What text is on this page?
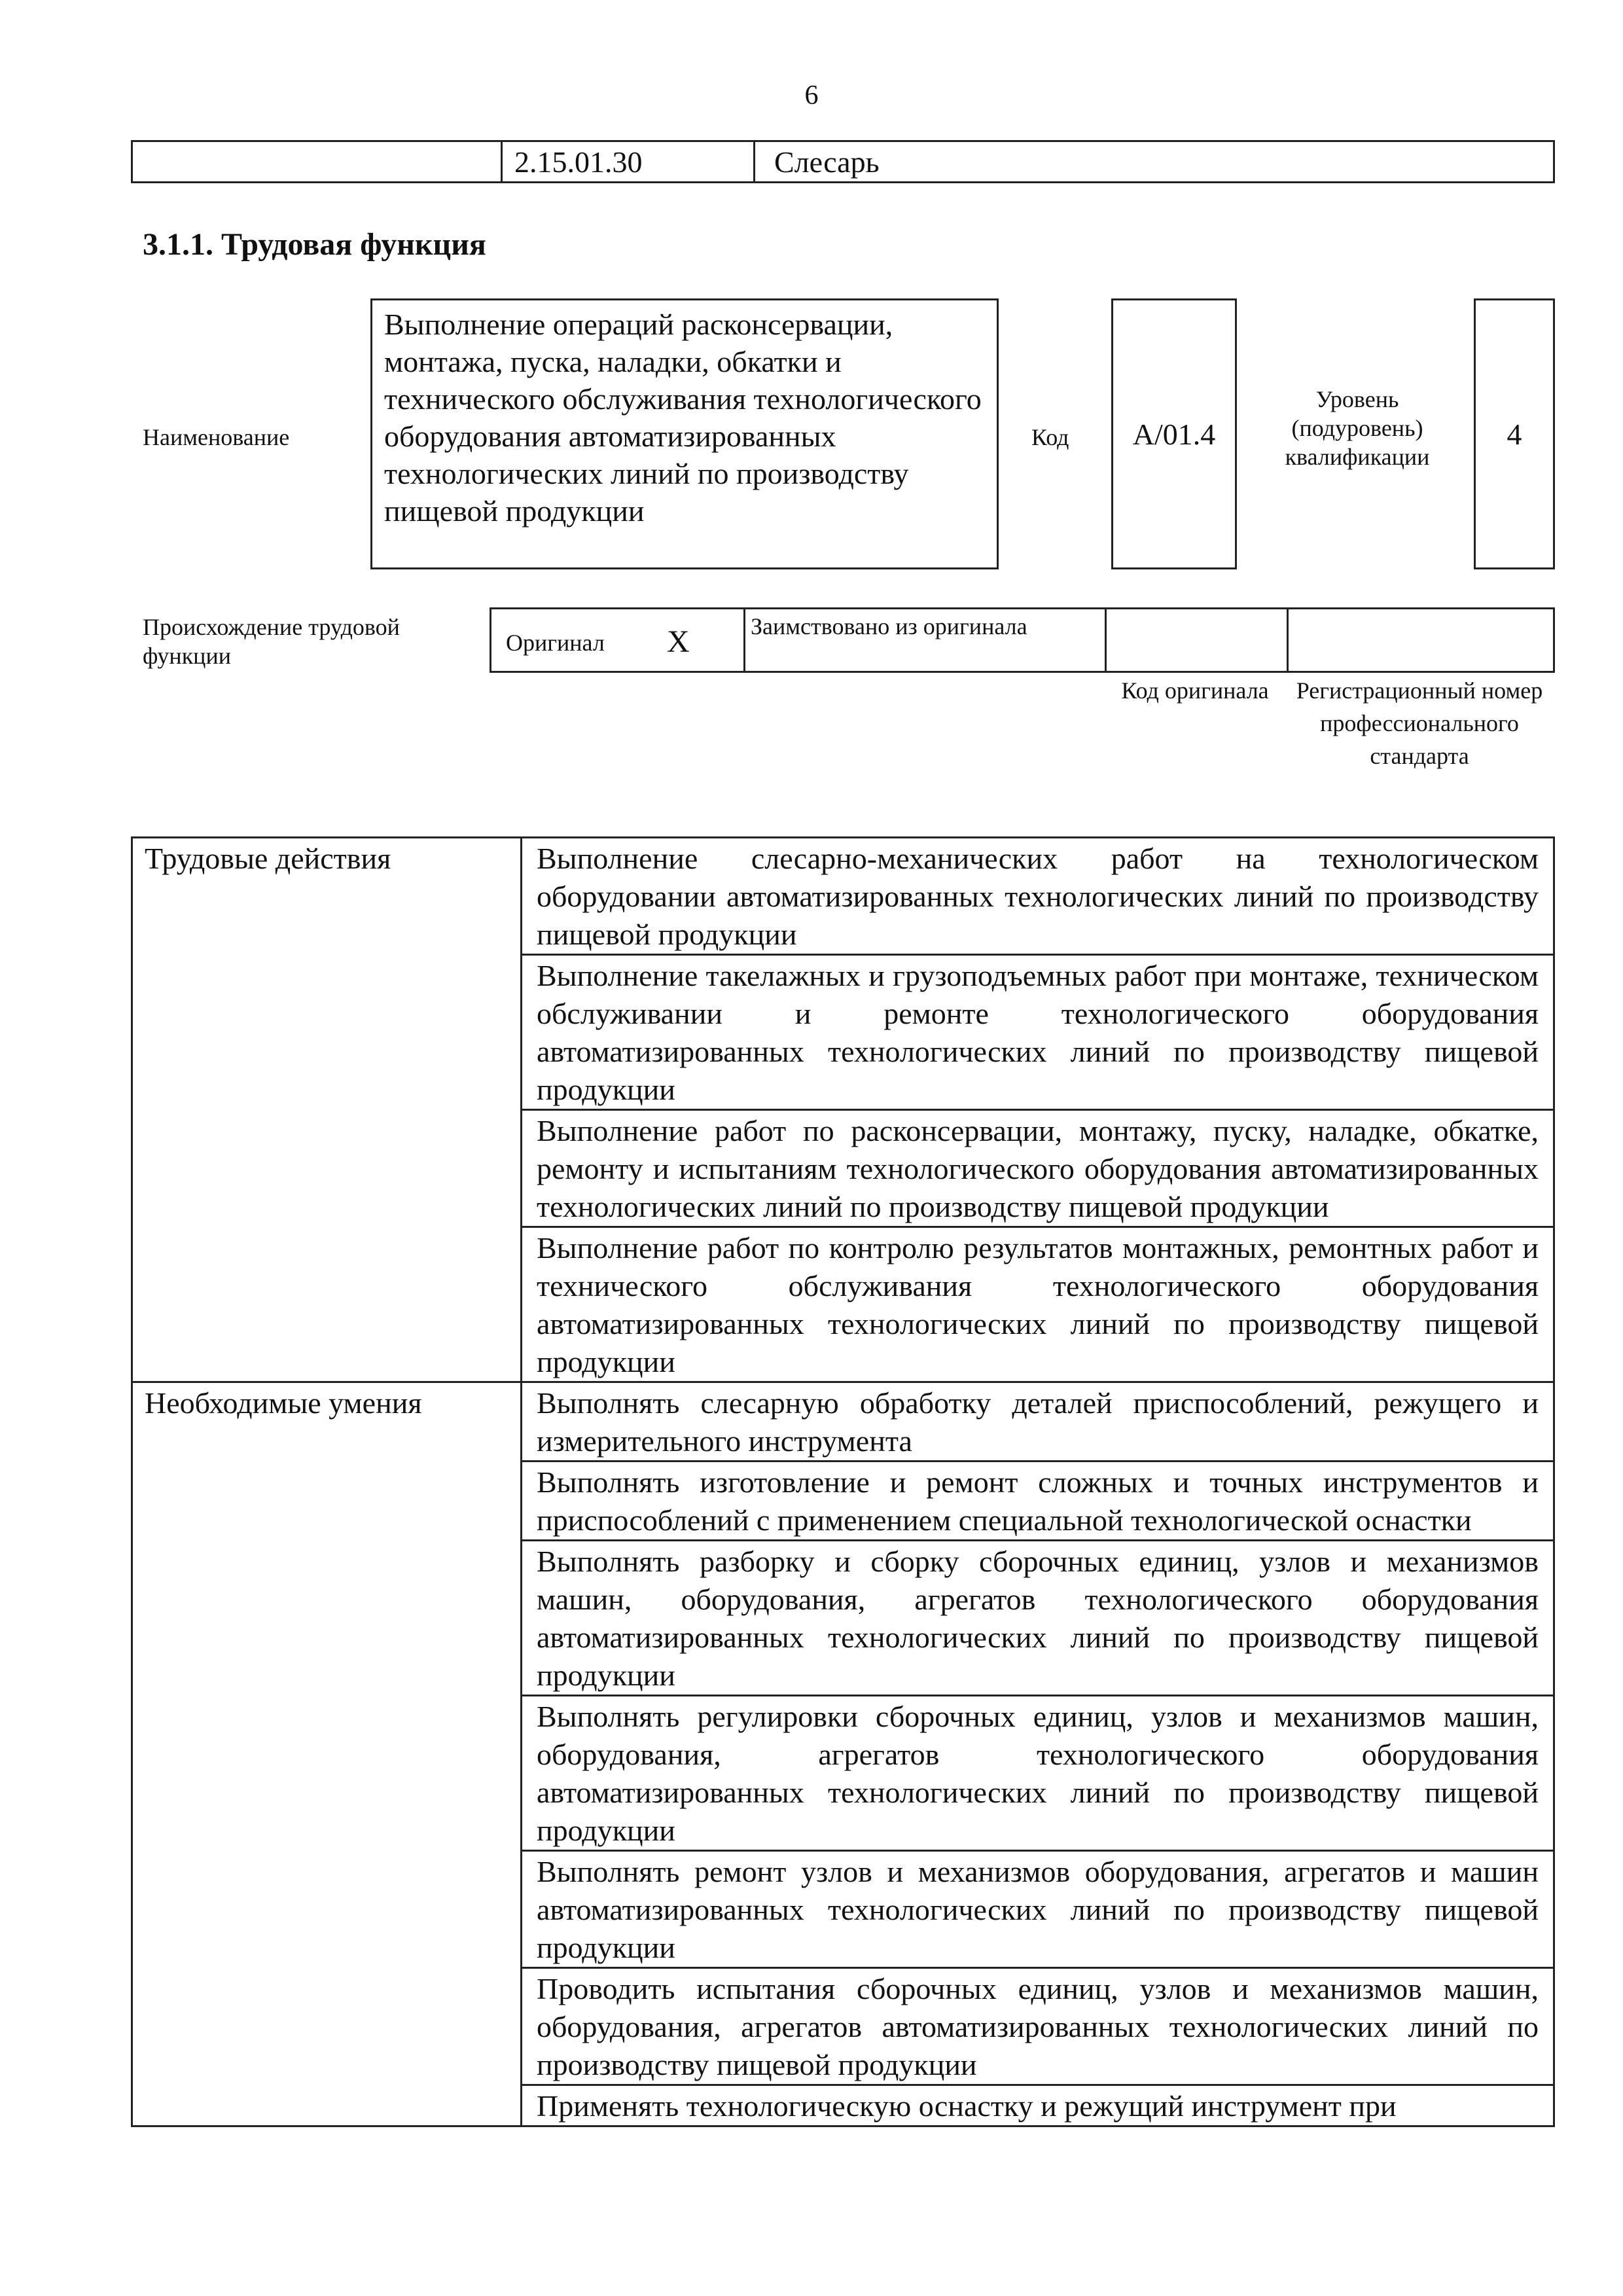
6
2.15.01.30	Слесарь
3.1.1. Трудовая функция
Наименование
Выполнение операций расконсервации, монтажа, пуска, наладки, обкатки и технического обслуживания технологического оборудования автоматизированных технологических линий по производству пищевой продукции
Код А/01.4
Уровень (подуровень) квалификации
4
Происхождение трудовой функции	Оригинал X	Заимствовано из оригинала
Код оригинала	Регистрационный номер профессионального стандарта
Трудовые действия	Выполнение слесарно-механических работ на технологическом оборудовании автоматизированных технологических линий по производству пищевой продукции
	Выполнение такелажных и грузоподъемных работ при монтаже, техническом обслуживании и ремонте технологического оборудования автоматизированных технологических линий по производству пищевой продукции
	Выполнение работ по расконсервации, монтажу, пуску, наладке, обкатке, ремонту и испытаниям технологического оборудования автоматизированных технологических линий по производству пищевой продукции
	Выполнение работ по контролю результатов монтажных, ремонтных работ и технического обслуживания технологического оборудования автоматизированных технологических линий по производству пищевой продукции
Необходимые умения	Выполнять слесарную обработку деталей приспособлений, режущего и измерительного инструмента
	Выполнять изготовление и ремонт сложных и точных инструментов и приспособлений с применением специальной технологической оснастки
	Выполнять разборку и сборку сборочных единиц, узлов и механизмов машин, оборудования, агрегатов технологического оборудования автоматизированных технологических линий по производству пищевой продукции
	Выполнять регулировки сборочных единиц, узлов и механизмов машин, оборудования, агрегатов технологического оборудования автоматизированных технологических линий по производству пищевой продукции
	Выполнять ремонт узлов и механизмов оборудования, агрегатов и машин автоматизированных технологических линий по производству пищевой продукции
	Проводить испытания сборочных единиц, узлов и механизмов машин, оборудования, агрегатов автоматизированных технологических линий по производству пищевой продукции
	Применять технологическую оснастку и режущий инструмент при
